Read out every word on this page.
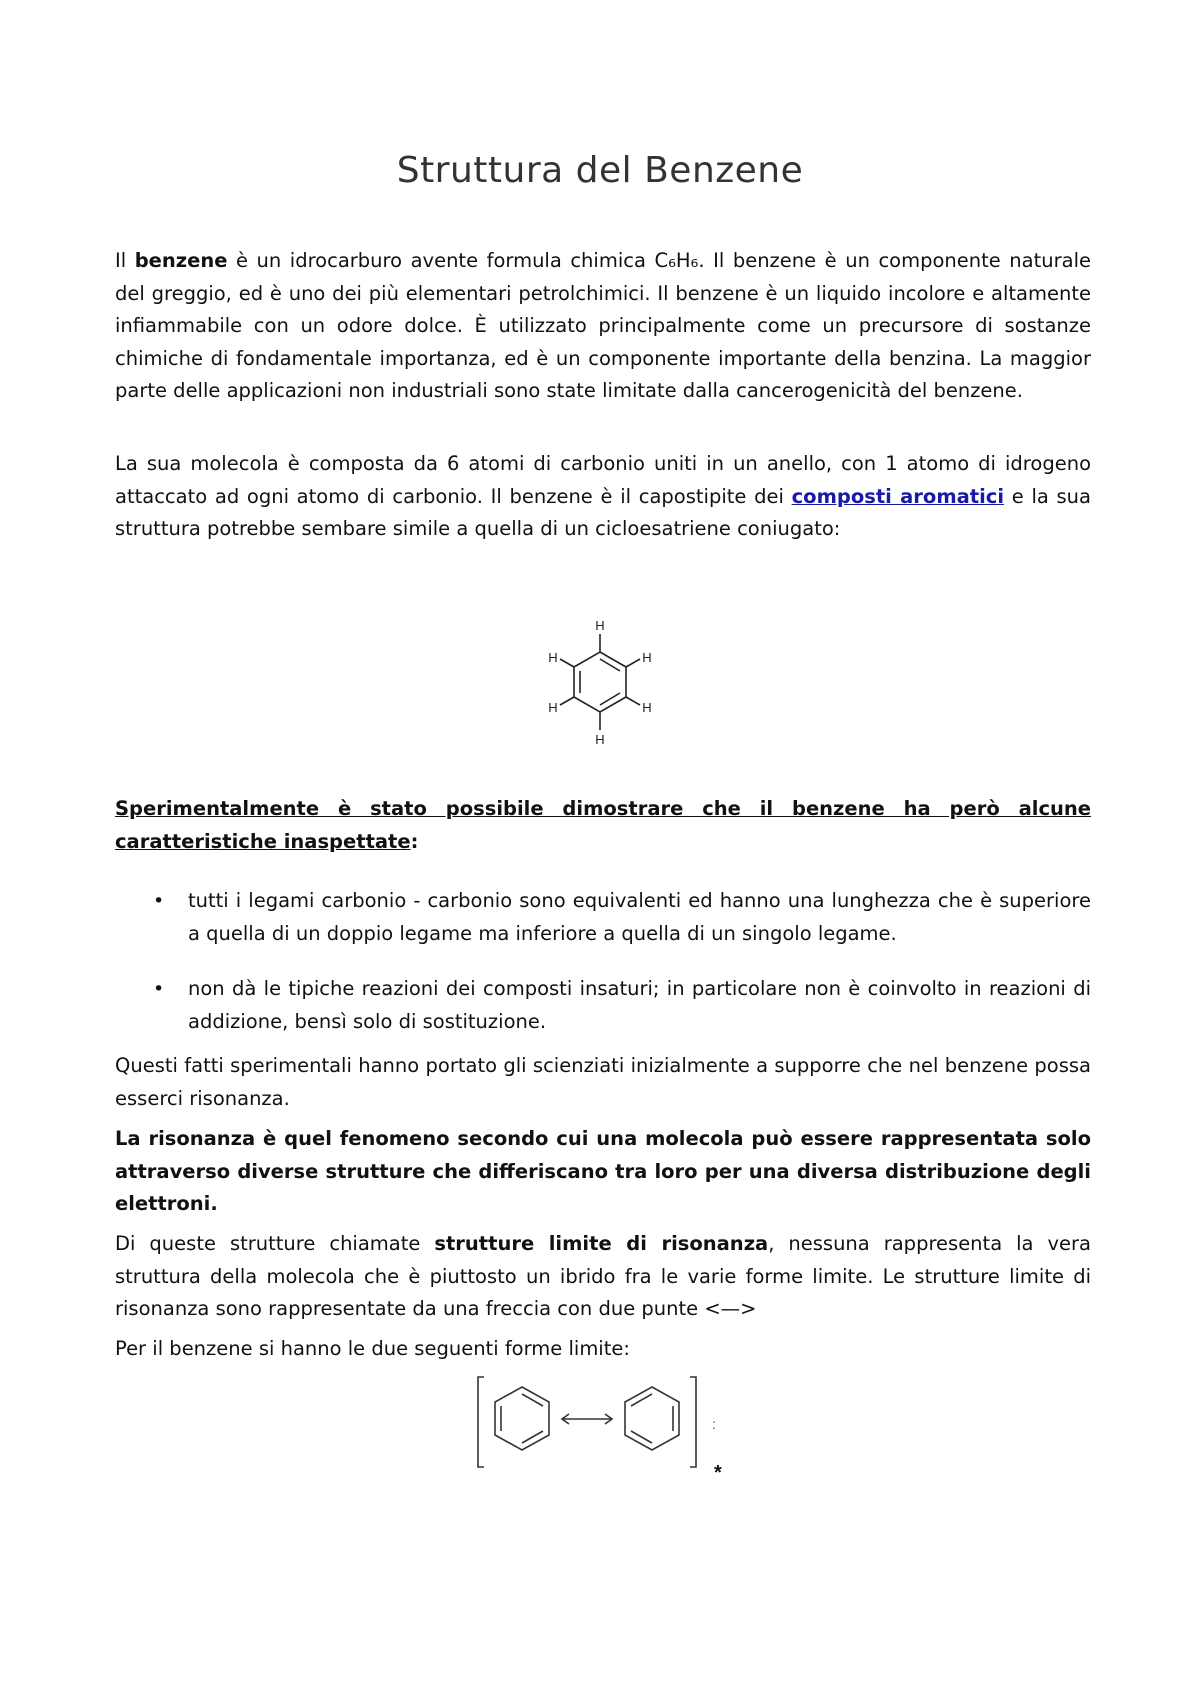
Struttura del Benzene

Il benzene è un idrocarburo avente formula chimica C₆H₆. Il benzene è un componente naturale del greggio, ed è uno dei più elementari petrolchimici. Il benzene è un liquido incolore e altamente infiammabile con un odore dolce. È utilizzato principalmente come un precursore di sostanze chimiche di fondamentale importanza, ed è un componente importante della benzina. La maggior parte delle applicazioni non industriali sono state limitate dalla cancerogenicità del benzene.

La sua molecola è composta da 6 atomi di carbonio uniti in un anello, con 1 atomo di idrogeno attaccato ad ogni atomo di carbonio. Il benzene è il capostipite dei composti aromatici e la sua struttura potrebbe sembare simile a quella di un cicloesatriene coniugato:

H
H
H
H
H
H

Sperimentalmente è stato possibile dimostrare che il benzene ha però alcune caratteristiche inaspettate:

• tutti i legami carbonio - carbonio sono equivalenti ed hanno una lunghezza che è superiore a quella di un doppio legame ma inferiore a quella di un singolo legame.
• non dà le tipiche reazioni dei composti insaturi; in particolare non è coinvolto in reazioni di addizione, bensì solo di sostituzione.

Questi fatti sperimentali hanno portato gli scienziati inizialmente a supporre che nel benzene possa esserci risonanza.

La risonanza è quel fenomeno secondo cui una molecola può essere rappresentata solo attraverso diverse strutture che differiscano tra loro per una diversa distribuzione degli elettroni.

Di queste strutture chiamate strutture limite di risonanza, nessuna rappresenta la vera struttura della molecola che è piuttosto un ibrido fra le varie forme limite. Le strutture limite di risonanza sono rappresentate da una freccia con due punte <—>

Per il benzene si hanno le due seguenti forme limite:

:
*
